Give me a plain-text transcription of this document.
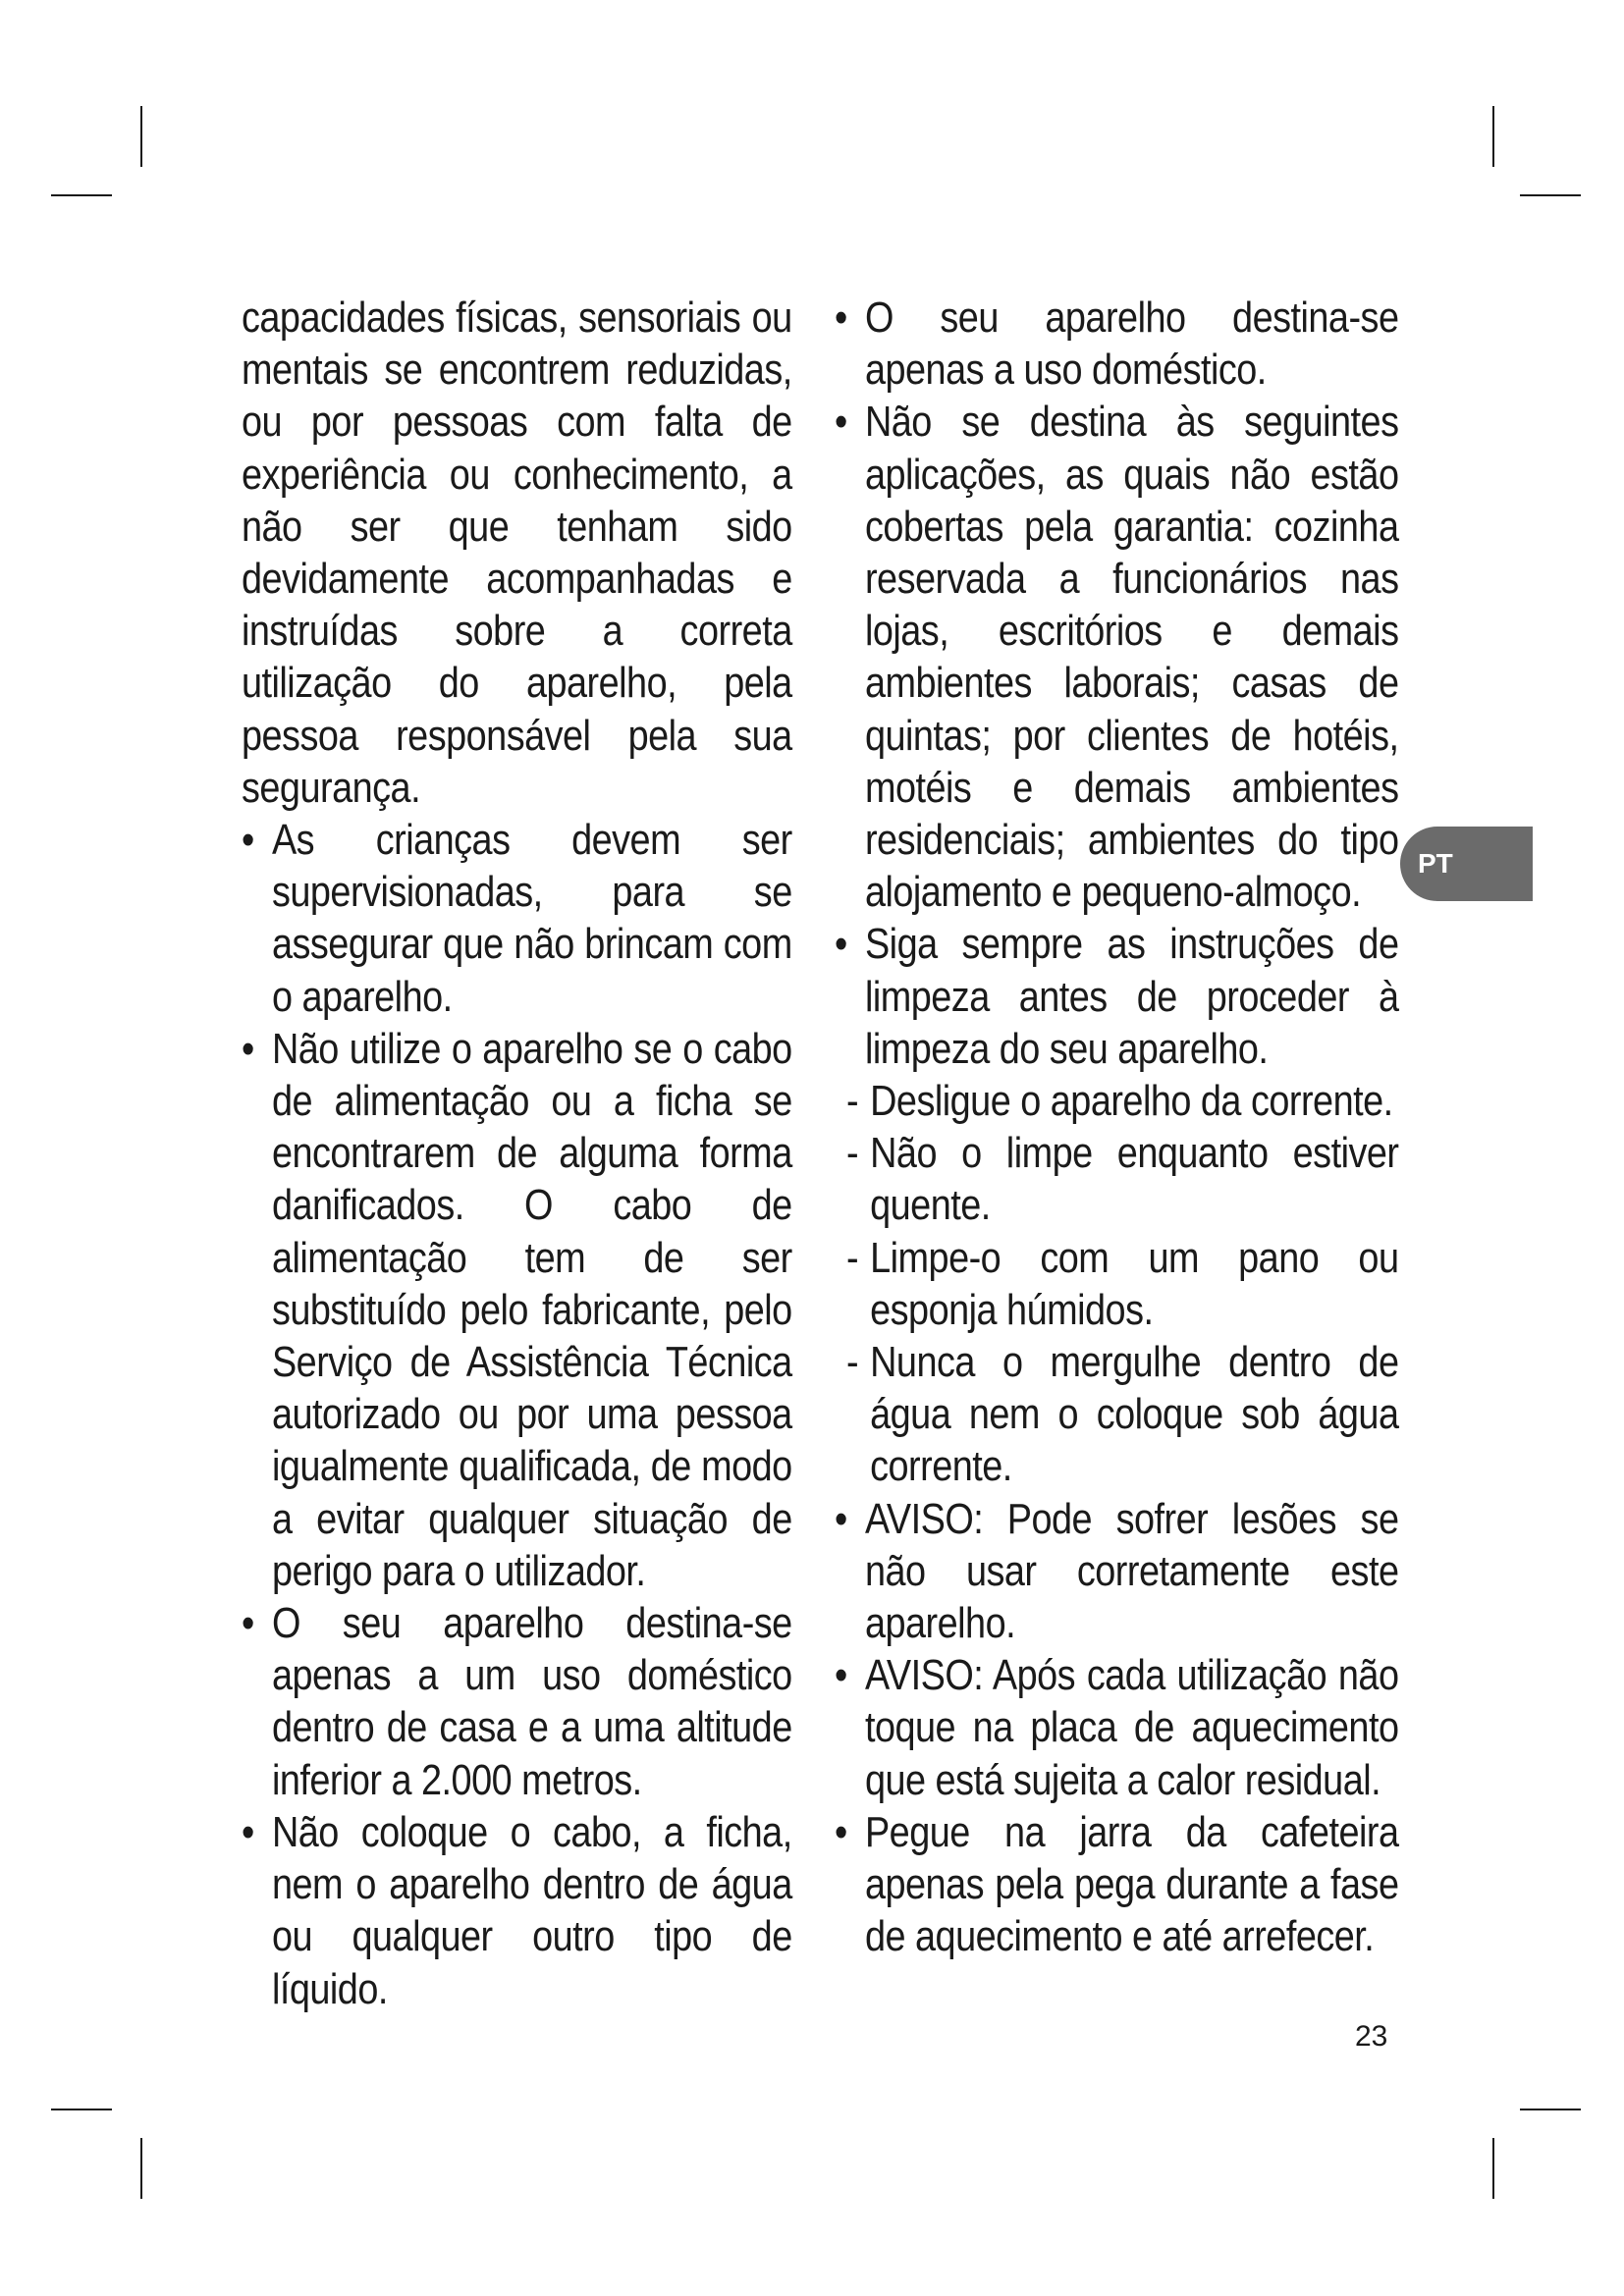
capacidades físicas, sensoriais ou mentais se encontrem reduzidas, ou por pessoas com falta de experiência ou conhecimento, a não ser que tenham sido devidamente acompanhadas e instruídas sobre a correta utilização do aparelho, pela pessoa responsável pela sua segurança.

• As crianças devem ser supervisionadas, para se assegurar que não brincam com o aparelho.

• Não utilize o aparelho se o cabo de alimentação ou a ficha se encontrarem de alguma forma danificados. O cabo de alimentação tem de ser substituído pelo fabricante, pelo Serviço de Assistência Técnica autorizado ou por uma pessoa igualmente qualificada, de modo a evitar qualquer situação de perigo para o utilizador.

• O seu aparelho destina-se apenas a um uso doméstico dentro de casa e a uma altitude inferior a 2.000 metros.

• Não coloque o cabo, a ficha, nem o aparelho dentro de água ou qualquer outro tipo de líquido.

• O seu aparelho destina-se apenas a uso doméstico.

• Não se destina às seguintes aplicações, as quais não estão cobertas pela garantia: cozinha reservada a funcionários nas lojas, escritórios e demais ambientes laborais; casas de quintas; por clientes de hotéis, motéis e demais ambientes residenciais; ambientes do tipo alojamento e pequeno-almoço.

• Siga sempre as instruções de limpeza antes de proceder à limpeza do seu aparelho.

- Desligue o aparelho da corrente.

- Não o limpe enquanto estiver quente.

- Limpe-o com um pano ou esponja húmidos.

- Nunca o mergulhe dentro de água nem o coloque sob água corrente.

• AVISO: Pode sofrer lesões se não usar corretamente este aparelho.

• AVISO: Após cada utilização não toque na placa de aquecimento que está sujeita a calor residual.

• Pegue na jarra da cafeteira apenas pela pega durante a fase de aquecimento e até arrefecer.

PT
23
